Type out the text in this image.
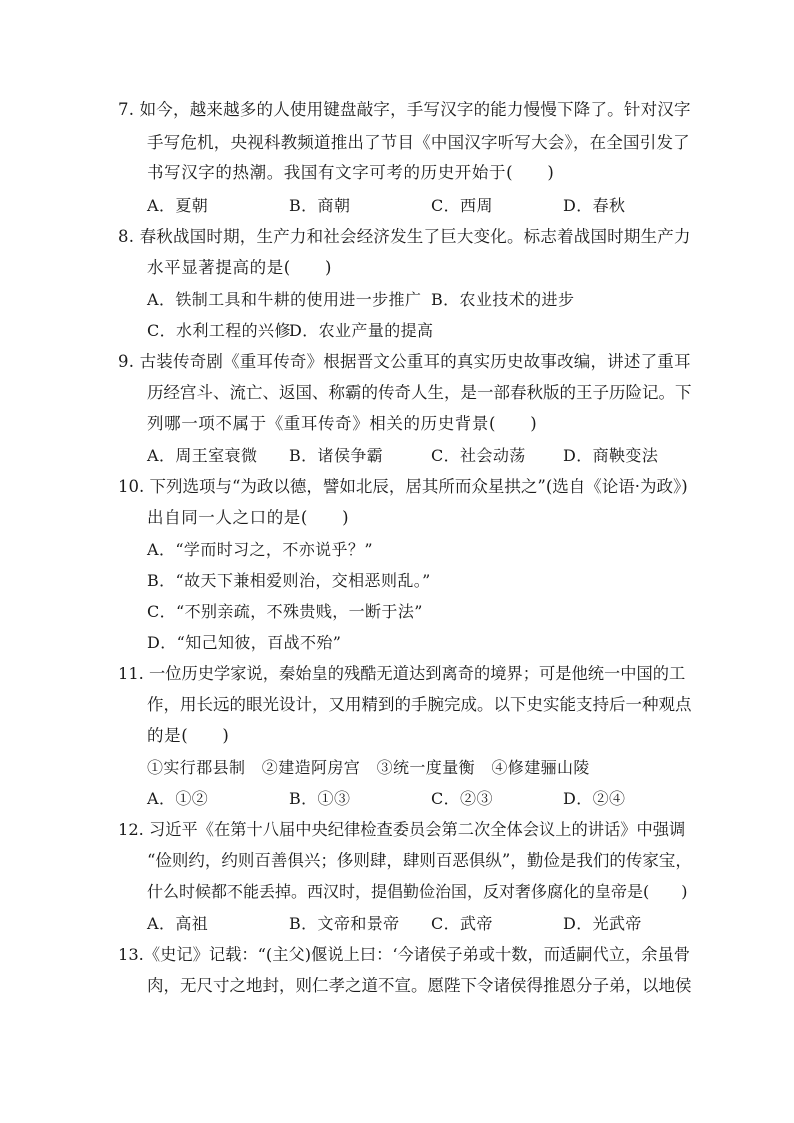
7. 如今，越来越多的人使用键盘敲字，手写汉字的能力慢慢下降了。针对汉字
手写危机，央视科教频道推出了节目《中国汉字听写大会》，在全国引发了
书写汉字的热潮。我国有文字可考的历史开始于(　　)
A．夏朝	B．商朝	C．西周	D．春秋
8. 春秋战国时期，生产力和社会经济发生了巨大变化。标志着战国时期生产力
水平显著提高的是(　　)
A．铁制工具和牛耕的使用进一步推广 B．农业技术的进步
C．水利工程的兴修
D．农业产量的提高
9. 古装传奇剧《重耳传奇》根据晋文公重耳的真实历史故事改编，讲述了重耳
历经宫斗、流亡、返国、称霸的传奇人生，是一部春秋版的王子历险记。下
列哪一项不属于《重耳传奇》相关的历史背景(　　)
A．周王室衰微 B．诸侯争霸	C．社会动荡 D．商鞅变法
10. 下列选项与“为政以德，譬如北辰，居其所而众星拱之”(选自《论语·为政》)
出自同一人之口的是(　　)
A．“学而时习之，不亦说乎？”
B．“故天下兼相爱则治，交相恶则乱。”
C．“不别亲疏，不殊贵贱，一断于法”
D．“知己知彼，百战不殆”
11. 一位历史学家说，秦始皇的残酷无道达到离奇的境界；可是他统一中国的工
作，用长远的眼光设计，又用精到的手腕完成。以下史实能支持后一种观点
的是(　　)
①实行郡县制　②建造阿房宫　③统一度量衡　④修建骊山陵
A．①②	B．①③	C．②③	D．②④
12. 习近平《在第十八届中央纪律检查委员会第二次全体会议上的讲话》中强调
“俭则约，约则百善俱兴；侈则肆，肆则百恶俱纵”，勤俭是我们的传家宝，
什么时候都不能丢掉。西汉时，提倡勤俭治国，反对奢侈腐化的皇帝是(　　)
A．高祖	B．文帝和景帝 C．武帝	D．光武帝
13.《史记》记载：“(主父)偃说上曰：‘今诸侯子弟或十数，而适嗣代立，余虽骨
肉，无尺寸之地封，则仁孝之道不宣。愿陛下令诸侯得推恩分子弟，以地侯
